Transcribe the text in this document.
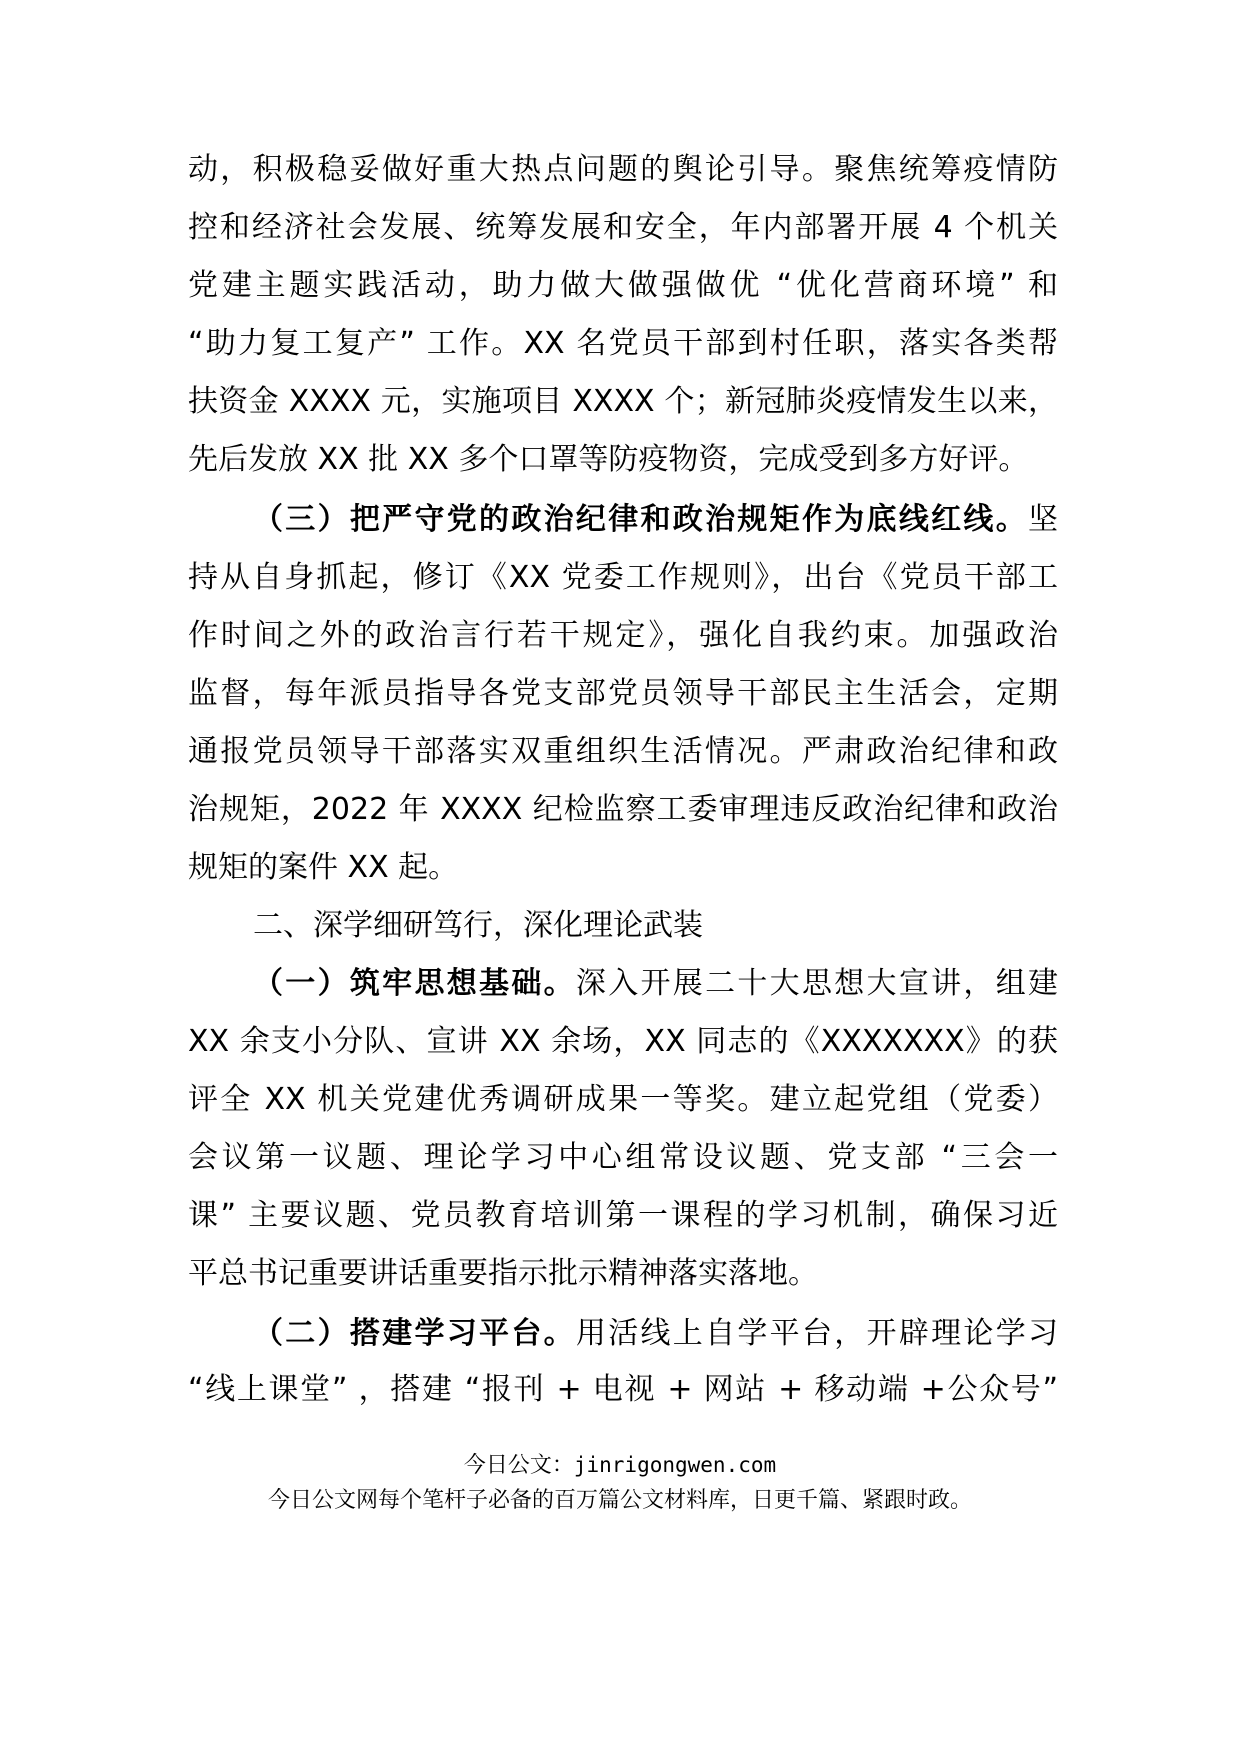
动，积极稳妥做好重大热点问题的舆论引导。聚焦统筹疫情防
控和经济社会发展、统筹发展和安全，年内部署开展 4 个机关
党建主题实践活动，助力做大做强做优 “优化营商环境” 和
“助力复工复产” 工作。XX 名党员干部到村任职，落实各类帮
扶资金 XXXX 元，实施项目 XXXX 个；新冠肺炎疫情发生以来，
先后发放 XX 批 XX 多个口罩等防疫物资，完成受到多方好评。
（三）把严守党的政治纪律和政治规矩作为底线红线。坚
持从自身抓起，修订《XX 党委工作规则》，出台《党员干部工
作时间之外的政治言行若干规定》，强化自我约束。加强政治
监督，每年派员指导各党支部党员领导干部民主生活会，定期
通报党员领导干部落实双重组织生活情况。严肃政治纪律和政
治规矩，2022 年 XXXX 纪检监察工委审理违反政治纪律和政治
规矩的案件 XX 起。
二、深学细研笃行，深化理论武装
（一）筑牢思想基础。深入开展二十大思想大宣讲，组建
XX 余支小分队、宣讲 XX 余场，XX 同志的《XXXXXXX》的获
评全 XX 机关党建优秀调研成果一等奖。建立起党组（党委）
会议第一议题、理论学习中心组常设议题、党支部 “三会一
课” 主要议题、党员教育培训第一课程的学习机制，确保习近
平总书记重要讲话重要指示批示精神落实落地。
（二）搭建学习平台。用活线上自学平台，开辟理论学习
“线上课堂” ，搭建 “报刊 + 电视 + 网站 + 移动端 +公众号”
今日公文：jinrigongwen.com
今日公文网每个笔杆子必备的百万篇公文材料库，日更千篇、紧跟时政。
